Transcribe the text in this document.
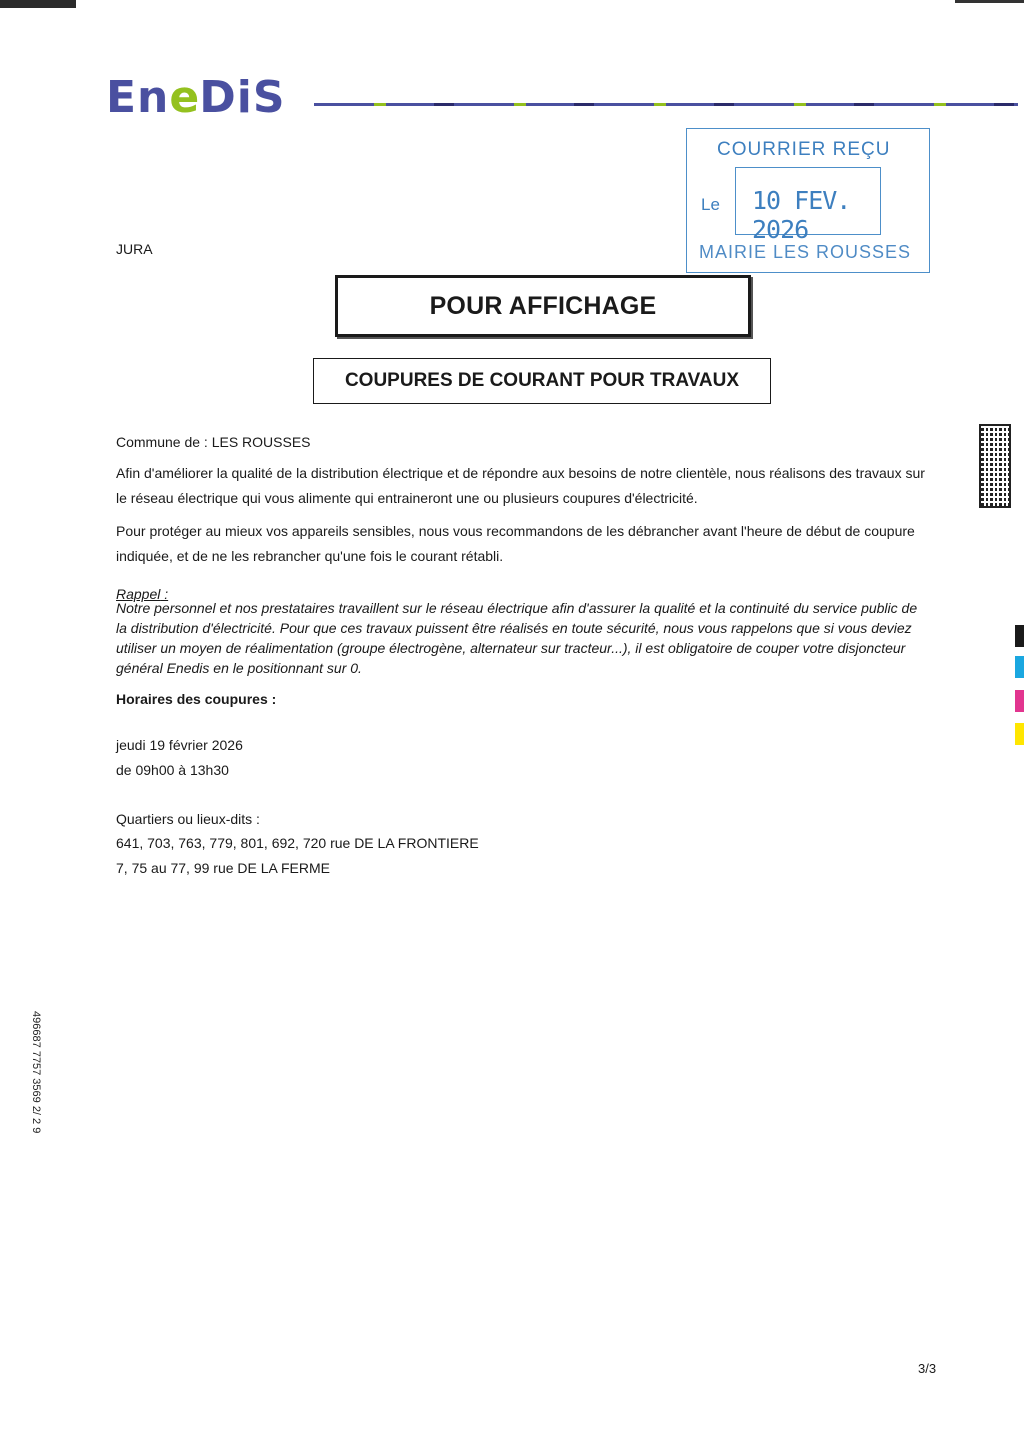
En e DiS
COURRIER REÇU
Le 10 FEV. 2026
MAIRIE LES ROUSSES
JURA
POUR AFFICHAGE
COUPURES DE COURANT POUR TRAVAUX
Commune de : LES ROUSSES
Afin d'améliorer la qualité de la distribution électrique et de répondre aux besoins de notre clientèle, nous réalisons des travaux sur le réseau électrique qui vous alimente qui entraineront une ou plusieurs coupures d'électricité.
Pour protéger au mieux vos appareils sensibles, nous vous recommandons de les débrancher avant l'heure de début de coupure indiquée, et de ne les rebrancher qu'une fois le courant rétabli.
Rappel :
Notre personnel et nos prestataires travaillent sur le réseau électrique afin d'assurer la qualité et la continuité du service public de la distribution d'électricité. Pour que ces travaux puissent être réalisés en toute sécurité, nous vous rappelons que si vous deviez utiliser un moyen de réalimentation (groupe électrogène, alternateur sur tracteur...), il est obligatoire de couper votre disjoncteur général Enedis en le positionnant sur 0.
Horaires des coupures :
jeudi 19 février 2026
de 09h00 à 13h30
Quartiers ou lieux-dits :
641, 703, 763, 779, 801, 692, 720 rue DE LA FRONTIERE
7, 75 au 77, 99 rue DE LA FERME
496687 7757 3569 2/ 2 9
3/3
